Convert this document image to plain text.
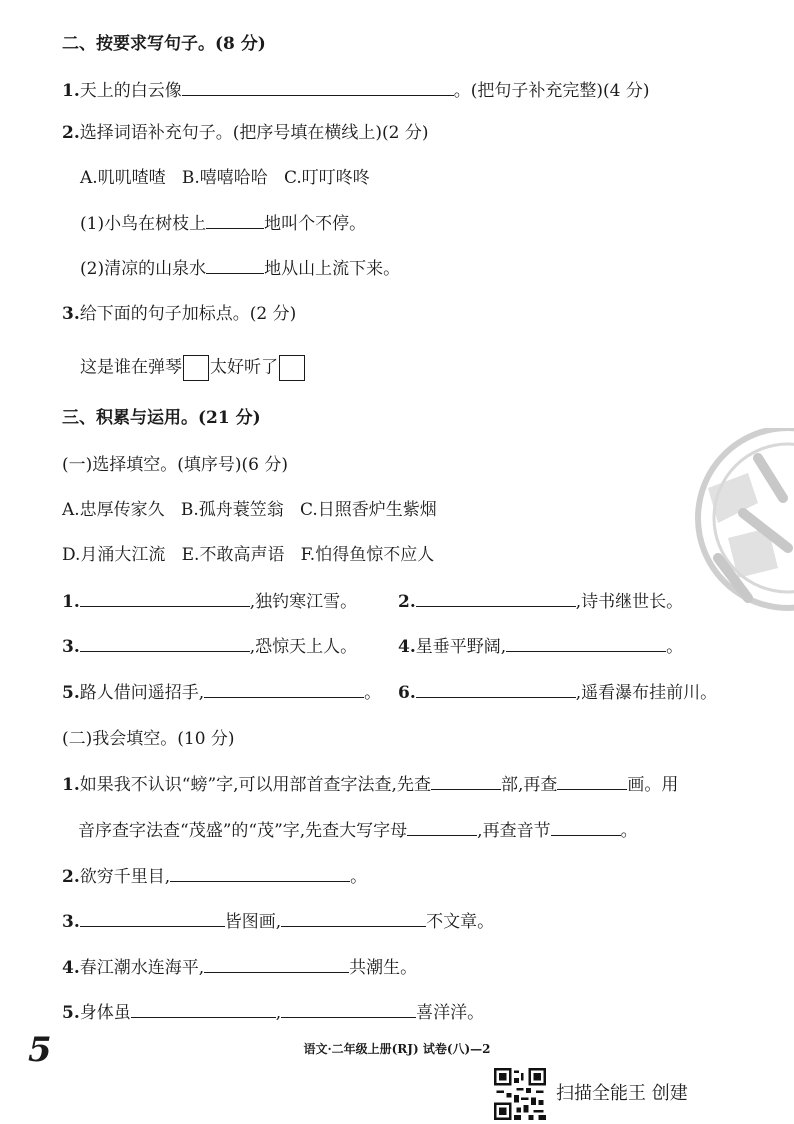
二、按要求写句子。(8 分)
1.天上的白云像	。(把句子补充完整)(4 分)
2.选择词语补充句子。(把序号填在横线上)(2 分)
A.叽叽喳喳   B.嘻嘻哈哈   C.叮叮咚咚
(1)小鸟在树枝上	地叫个不停。
(2)清凉的山泉水	地从山上流下来。
3.给下面的句子加标点。(2 分)
这是谁在弹琴 太好听了
三、积累与运用。(21 分)
(一)选择填空。(填序号)(6 分)
A.忠厚传家久   B.孤舟蓑笠翁   C.日照香炉生紫烟
D.月涌大江流   E.不敢高声语   F.怕得鱼惊不应人
1.	,独钓寒江雪。 2.	,诗书继世长。
3.	,恐惊天上人。 4.星垂平野阔,	。
5.路人借问遥招手,	。 6.	,遥看瀑布挂前川。
(二)我会填空。(10 分)
1.如果我不认识“螃”字,可以用部首查字法查,先查	部,再查	画。用
音序查字法查“茂盛”的“茂”字,先查大写字母	,再查音节	。
2.欲穷千里目,	。
3.	皆图画,	不文章。
4.春江潮水连海平,	共潮生。
5.身体虽	,	喜洋洋。
5	语文·二年级上册(RJ) 试卷(八)—2
扫描全能王 创建
